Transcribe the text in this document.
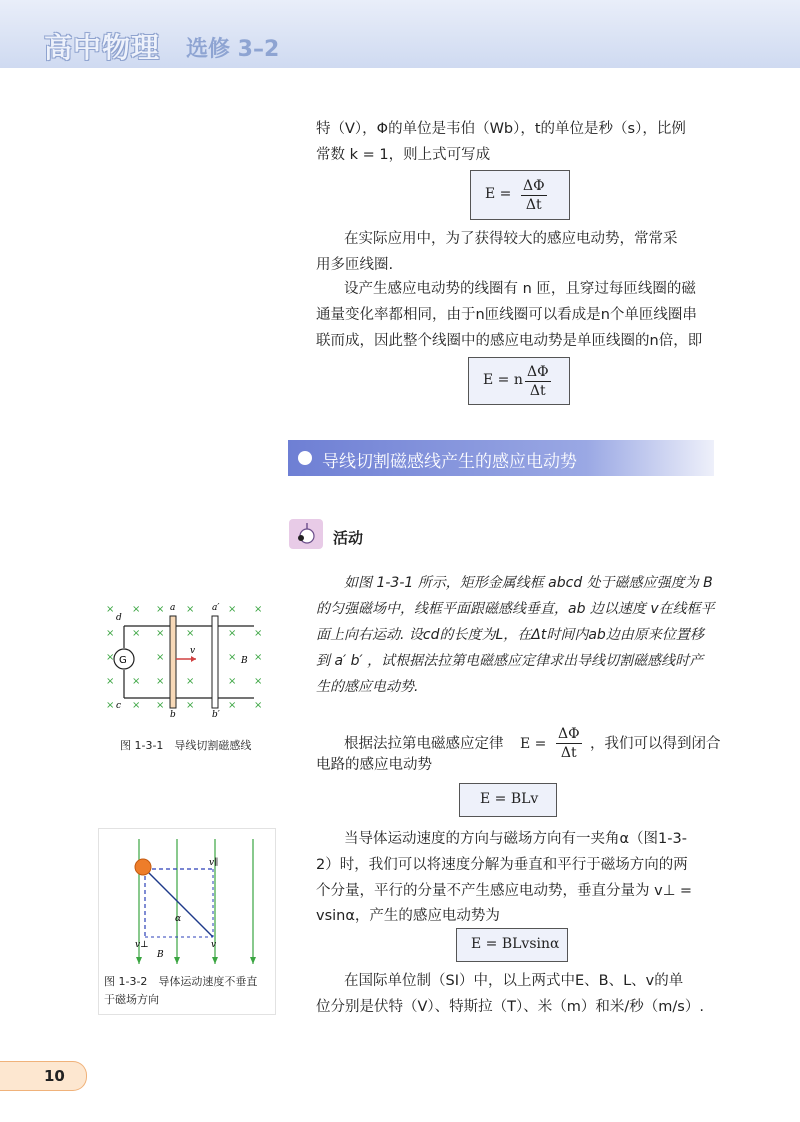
高中物理 选修 3–2

特（V），Φ的单位是韦伯（Wb），t的单位是秒（s），比例

常数 k = 1，则上式可写成

$E = \frac{\Delta\Phi}{\Delta t}$

在实际应用中，为了获得较大的感应电动势，常常采

用多匝线圈.

设产生感应电动势的线圈有 n 匝，且穿过每匝线圈的磁

通量变化率都相同，由于n匝线圈可以看成是n个单匝线圈串

联而成，因此整个线圈中的感应电动势是单匝线圈的n倍，即

E = n $\frac{\Delta\Phi}{\Delta t}$
导线切割磁感线产生的感应电动势
活动

如图 1-3-1 所示，矩形金属线框 abcd 处于磁感应强度为 B 的匀强磁场中，线框平面跟磁感线垂直，ab 边以速度 v在线框平面上向右运动. 设cd的长度为L，在Δt时间内ab边由原来位置移到 a′ b′ ，试根据法拉第电磁感应定律求出导线切割磁感线时产生的感应电动势.

× × × ×	× ×
× × × ×	× ×
×	×	× ×
× × × ×	× ×
× × × ×	× ×
G
d
a	a′
c
b	b′
v
B
图 1-3-1　导线切割磁感线	根据法拉第电磁感应定律 $E = \frac{\Delta\Phi}{\Delta t}$ ，我们可以得到闭合

电路的感应电动势

E = BLv
v∥
α
v⊥
B
v
图 1-3-2　导体运动速度不垂直
于磁场方向

当导体运动速度的方向与磁场方向有一夹角α（图1-3-

2）时，我们可以将速度分解为垂直和平行于磁场方向的两

个分量，平行的分量不产生感应电动势，垂直分量为 v⊥ =

vsinα，产生的感应电动势为

E = BLvsinα

在国际单位制（SI）中，以上两式中E、B、L、v的单

位分别是伏特（V）、特斯拉（T）、米（m）和米/秒（m/s）.

10
